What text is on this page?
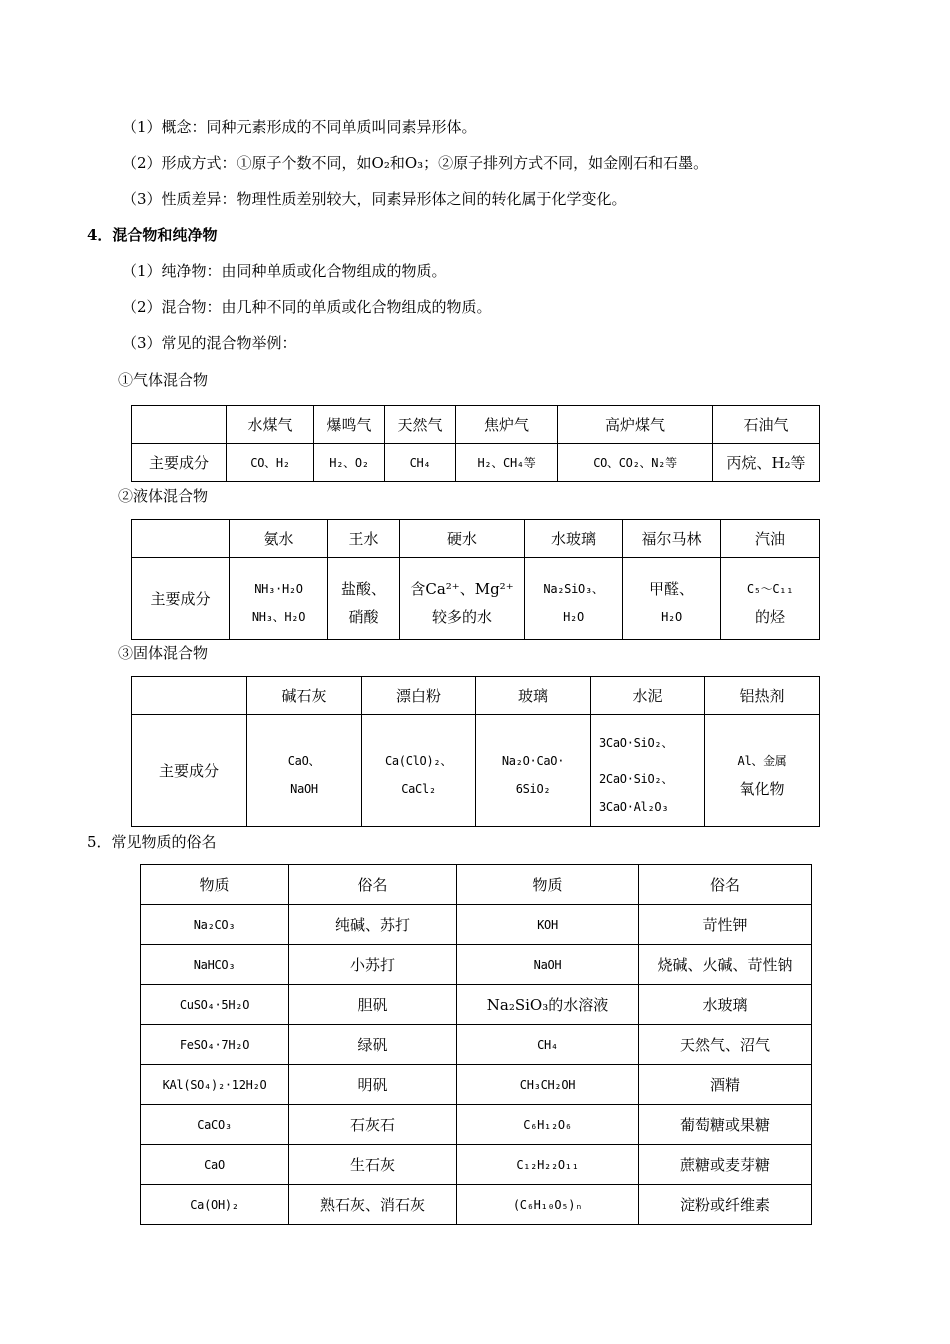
（1）概念：同种元素形成的不同单质叫同素异形体。
（2）形成方式：①原子个数不同，如O₂和O₃；②原子排列方式不同，如金刚石和石墨。
（3）性质差异：物理性质差别较大，同素异形体之间的转化属于化学变化。
4．混合物和纯净物
（1）纯净物：由同种单质或化合物组成的物质。
（2）混合物：由几种不同的单质或化合物组成的物质。
（3）常见的混合物举例：
①气体混合物
	水煤气	爆鸣气	天然气	焦炉气	高炉煤气	石油气
主要成分	CO、H₂	H₂、O₂	CH₄	H₂、CH₄等	CO、CO₂、N₂等	丙烷、H₂等
②液体混合物
	氨水	王水	硬水	水玻璃	福尔马林	汽油
主要成分	NH₃·H₂O
NH₃、H₂O	盐酸、
硝酸	含Ca²⁺、Mg²⁺
较多的水	Na₂SiO₃、
H₂O	甲醛、
H₂O	C₅～C₁₁
的烃
③固体混合物
	碱石灰	漂白粉	玻璃	水泥	铝热剂
主要成分	CaO、
NaOH	Ca(ClO)₂、
CaCl₂	Na₂O·CaO·
6SiO₂	3CaO·SiO₂、
2CaO·SiO₂、
3CaO·Al₂O₃	Al、金属
氧化物
5．常见物质的俗名
物质	俗名	物质	俗名
Na₂CO₃	纯碱、苏打	KOH	苛性钾
NaHCO₃	小苏打	NaOH	烧碱、火碱、苛性钠
CuSO₄·5H₂O	胆矾	Na₂SiO₃的水溶液	水玻璃
FeSO₄·7H₂O	绿矾	CH₄	天然气、沼气
KAl(SO₄)₂·12H₂O	明矾	CH₃CH₂OH	酒精
CaCO₃	石灰石	C₆H₁₂O₆	葡萄糖或果糖
CaO	生石灰	C₁₂H₂₂O₁₁	蔗糖或麦芽糖
Ca(OH)₂	熟石灰、消石灰	(C₆H₁₀O₅)ₙ	淀粉或纤维素
